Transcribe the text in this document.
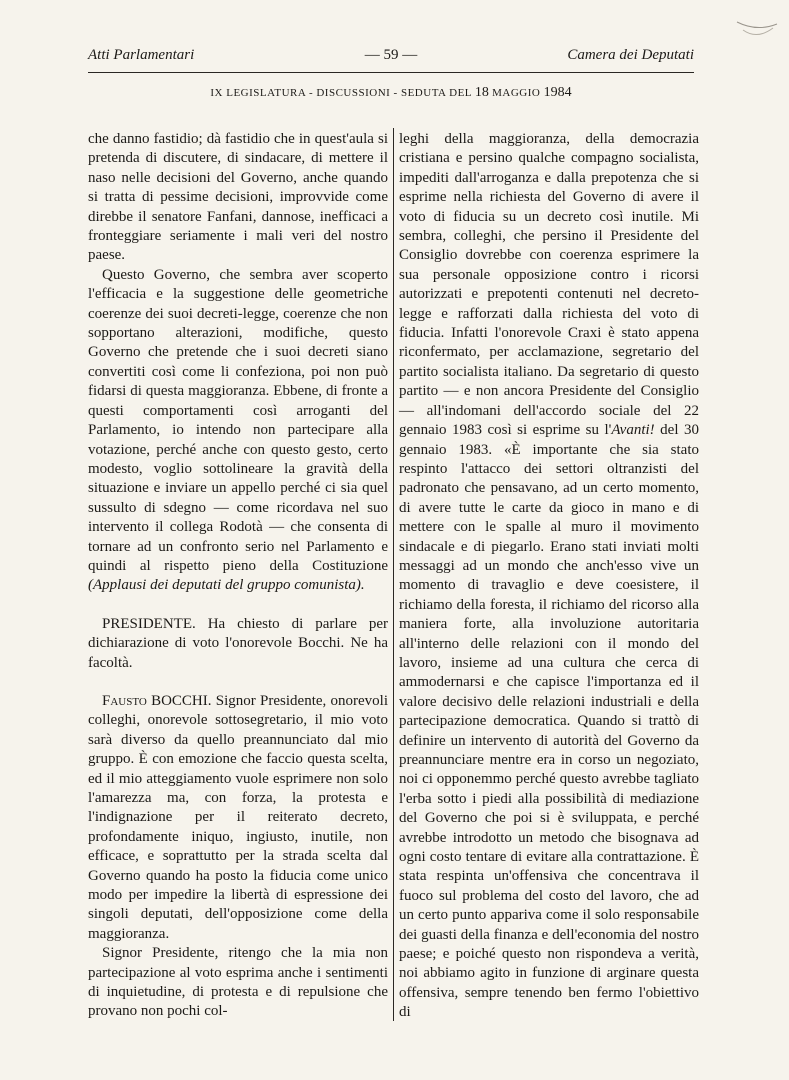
Atti Parlamentari	— 59 —	Camera dei Deputati
IX LEGISLATURA - DISCUSSIONI - SEDUTA DEL 18 MAGGIO 1984

che danno fastidio; dà fastidio che in quest'aula si pretenda di discutere, di sindacare, di mettere il naso nelle decisioni del Governo, anche quando si tratta di pessime decisioni, improvvide come direbbe il senatore Fanfani, dannose, inefficaci a fronteggiare seriamente i mali veri del nostro paese.

Questo Governo, che sembra aver scoperto l'efficacia e la suggestione delle geometriche coerenze dei suoi decreti-legge, coerenze che non sopportano alterazioni, modifiche, questo Governo che pretende che i suoi decreti siano convertiti così come li confeziona, poi non può fidarsi di questa maggioranza. Ebbene, di fronte a questi comportamenti così arroganti del Parlamento, io intendo non partecipare alla votazione, perché anche con questo gesto, certo modesto, voglio sottolineare la gravità della situazione e inviare un appello perché ci sia quel sussulto di sdegno — come ricordava nel suo intervento il collega Rodotà — che consenta di tornare ad un confronto serio nel Parlamento e quindi al rispetto pieno della Costituzione (Applausi dei deputati del gruppo comunista).

PRESIDENTE. Ha chiesto di parlare per dichiarazione di voto l'onorevole Bocchi. Ne ha facoltà.

Fausto BOCCHI. Signor Presidente, onorevoli colleghi, onorevole sottosegretario, il mio voto sarà diverso da quello preannunciato dal mio gruppo. È con emozione che faccio questa scelta, ed il mio atteggiamento vuole esprimere non solo l'amarezza ma, con forza, la protesta e l'indignazione per il reiterato decreto, profondamente iniquo, ingiusto, inutile, non efficace, e soprattutto per la strada scelta dal Governo quando ha posto la fiducia come unico modo per impedire la libertà di espressione dei singoli deputati, dell'opposizione come della maggioranza.

Signor Presidente, ritengo che la mia non partecipazione al voto esprima anche i sentimenti di inquietudine, di protesta e di repulsione che provano non pochi col-

leghi della maggioranza, della democrazia cristiana e persino qualche compagno socialista, impediti dall'arroganza e dalla prepotenza che si esprime nella richiesta del Governo di avere il voto di fiducia su un decreto così inutile. Mi sembra, colleghi, che persino il Presidente del Consiglio dovrebbe con coerenza esprimere la sua personale opposizione contro i ricorsi autorizzati e prepotenti contenuti nel decreto-legge e rafforzati dalla richiesta del voto di fiducia. Infatti l'onorevole Craxi è stato appena riconfermato, per acclamazione, segretario del partito socialista italiano. Da segretario di questo partito — e non ancora Presidente del Consiglio — all'indomani dell'accordo sociale del 22 gennaio 1983 così si esprime su l'Avanti! del 30 gennaio 1983. «È importante che sia stato respinto l'attacco dei settori oltranzisti del padronato che pensavano, ad un certo momento, di avere tutte le carte da gioco in mano e di mettere con le spalle al muro il movimento sindacale e di piegarlo. Erano stati inviati molti messaggi ad un mondo che anch'esso vive un momento di travaglio e deve coesistere, il richiamo della foresta, il richiamo del ricorso alla maniera forte, alla involuzione autoritaria all'interno delle relazioni con il mondo del lavoro, insieme ad una cultura che cerca di ammodernarsi e che capisce l'importanza ed il valore decisivo delle relazioni industriali e della partecipazione democratica. Quando si trattò di definire un intervento di autorità del Governo da preannunciare mentre era in corso un negoziato, noi ci opponemmo perché questo avrebbe tagliato l'erba sotto i piedi alla possibilità di mediazione del Governo che poi si è sviluppata, e perché avrebbe introdotto un metodo che bisognava ad ogni costo tentare di evitare alla contrattazione. È stata respinta un'offensiva che concentrava il fuoco sul problema del costo del lavoro, che ad un certo punto appariva come il solo responsabile dei guasti della finanza e dell'economia del nostro paese; e poiché questo non rispondeva a verità, noi abbiamo agito in funzione di arginare questa offensiva, sempre tenendo ben fermo l'obiettivo di
